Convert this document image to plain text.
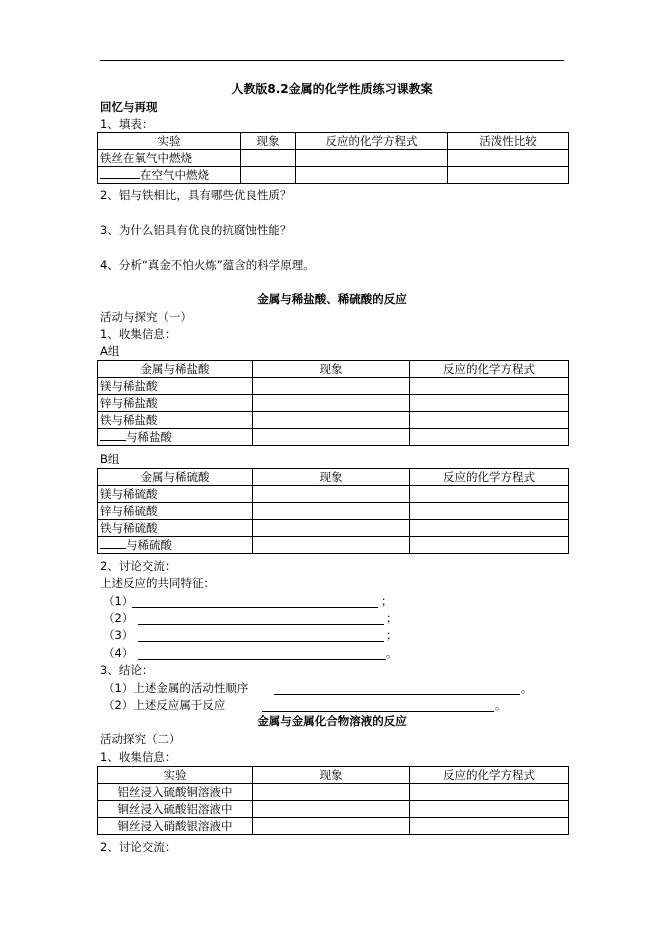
人教版8.2金属的化学性质练习课教案
回忆与再现
1、填表：
实验	现象	反应的化学方程式	活泼性比较
铁丝在氧气中燃烧			
在空气中燃烧			
2、铝与铁相比，具有哪些优良性质？
3、为什么铝具有优良的抗腐蚀性能？
4、分析“真金不怕火炼”蕴含的科学原理。
金属与稀盐酸、稀硫酸的反应
活动与探究（一）
1、收集信息：
A组
金属与稀盐酸	现象	反应的化学方程式
镁与稀盐酸		
锌与稀盐酸		
铁与稀盐酸		
与稀盐酸		
B组
金属与稀硫酸	现象	反应的化学方程式
镁与稀硫酸		
锌与稀硫酸		
铁与稀硫酸		
与稀硫酸		
2、讨论交流：
上述反应的共同特征：
（1）	；
（2）	；
（3）	；
（4）	。
3、结论：
（1）上述金属的活动性顺序	。
（2）上述反应属于反应	。
金属与金属化合物溶液的反应
活动探究（二）
1、收集信息：
实验	现象	反应的化学方程式
铝丝浸入硫酸铜溶液中		
铜丝浸入硫酸铝溶液中		
铜丝浸入硝酸银溶液中		
2、讨论交流：
